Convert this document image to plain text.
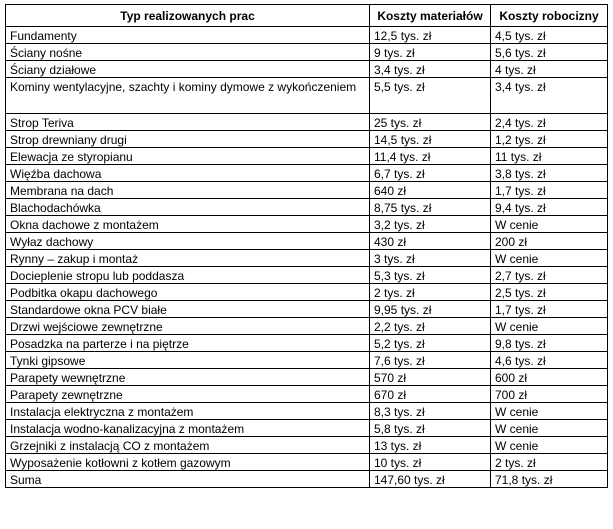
Typ realizowanych prac	Koszty materiałów	Koszty robocizny
Fundamenty	12,5 tys. zł	4,5 tys. zł
Ściany nośne	9 tys. zł	5,6 tys. zł
Ściany działowe	3,4 tys. zł	4 tys. zł
Kominy wentylacyjne, szachty i kominy dymowe z wykończeniem	5,5 tys. zł	3,4 tys. zł
Strop Teriva	25 tys. zł	2,4 tys. zł
Strop drewniany drugi	14,5 tys. zł	1,2 tys. zł
Elewacja ze styropianu	11,4 tys. zł	11 tys. zł
Więźba dachowa	6,7 tys. zł	3,8 tys. zł
Membrana na dach	640 zł	1,7 tys. zł
Blachodachówka	8,75 tys. zł	9,4 tys. zł
Okna dachowe z montażem	3,2 tys. zł	W cenie
Wyłaz dachowy	430 zł	200 zł
Rynny – zakup i montaż	3 tys. zł	W cenie
Docieplenie stropu lub poddasza	5,3 tys. zł	2,7 tys. zł
Podbitka okapu dachowego	2 tys. zł	2,5 tys. zł
Standardowe okna PCV białe	9,95 tys. zł	1,7 tys. zł
Drzwi wejściowe zewnętrzne	2,2 tys. zł	W cenie
Posadzka na parterze i na piętrze	5,2 tys. zł	9,8 tys. zł
Tynki gipsowe	7,6 tys. zł	4,6 tys. zł
Parapety wewnętrzne	570 zł	600 zł
Parapety zewnętrzne	670 zł	700 zł
Instalacja elektryczna z montażem	8,3 tys. zł	W cenie
Instalacja wodno-kanalizacyjna z montażem	5,8 tys. zł	W cenie
Grzejniki z instalacją CO z montażem	13 tys. zł	W cenie
Wyposażenie kotłowni z kotłem gazowym	10 tys. zł	2 tys. zł
Suma	147,60 tys. zł	71,8 tys. zł
